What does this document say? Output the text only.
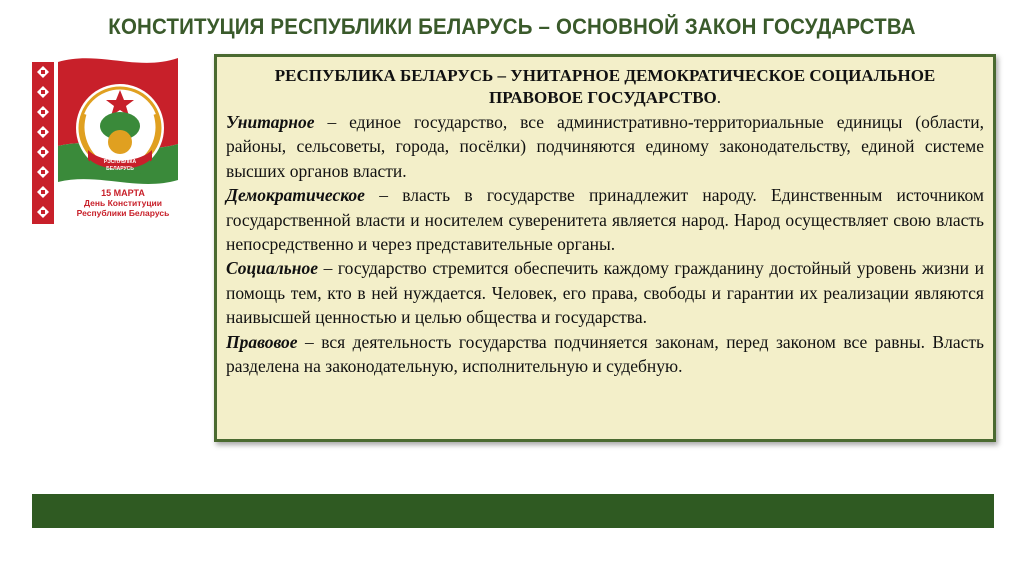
КОНСТИТУЦИЯ РЕСПУБЛИКИ БЕЛАРУСЬ – ОСНОВНОЙ ЗАКОН ГОСУДАРСТВА
РЭСПУБЛІКА
БЕЛАРУСЬ
15 МАРТА
День Конституции
Республики Беларусь

РЕСПУБЛИКА БЕЛАРУСЬ – УНИТАРНОЕ ДЕМОКРАТИЧЕСКОЕ СОЦИАЛЬНОЕ
ПРАВОВОЕ ГОСУДАРСТВО.

Унитарное – единое государство, все административно-территориальные единицы (области, районы, сельсоветы, города, посёлки) подчиняются единому законодательству, единой системе высших органов власти.

Демократическое – власть в государстве принадлежит народу. Единственным источником государственной власти и носителем суверенитета является народ. Народ осуществляет свою власть непосредственно и через представительные органы.

Социальное – государство стремится обеспечить каждому гражданину достойный уровень жизни и помощь тем, кто в ней нуждается. Человек, его права, свободы и гарантии их реализации являются наивысшей ценностью и целью общества и государства.

Правовое – вся деятельность государства подчиняется законам, перед законом все равны. Власть разделена на законодательную, исполнительную и судебную.
